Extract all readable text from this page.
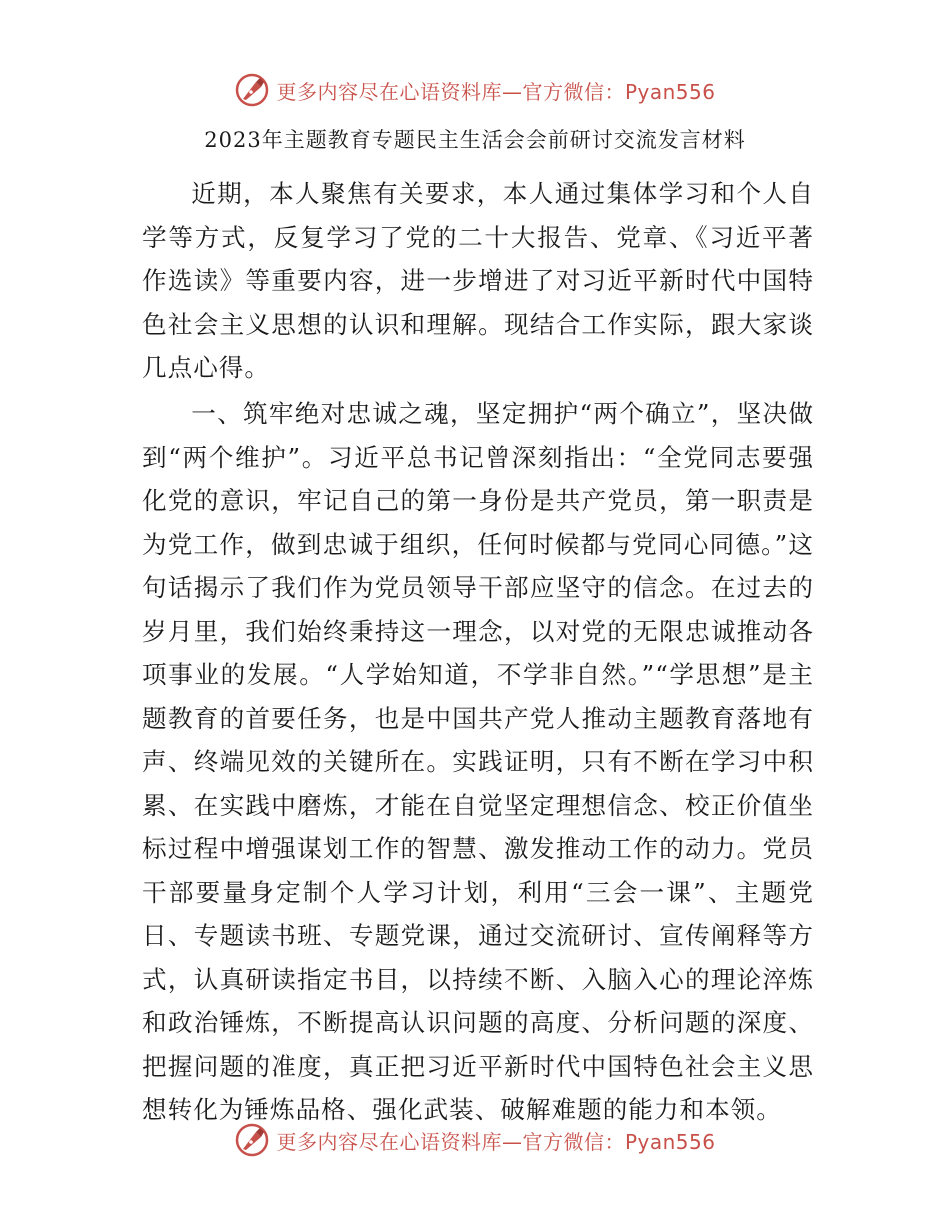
更多内容尽在心语资料库—官方微信：Pyan556
2023年主题教育专题民主生活会会前研讨交流发言材料

近期，本人聚焦有关要求，本人通过集体学习和个人自学等方式，反复学习了党的二十大报告、党章、《习近平著作选读》等重要内容，进一步增进了对习近平新时代中国特色社会主义思想的认识和理解。现结合工作实际，跟大家谈几点心得。

一、筑牢绝对忠诚之魂，坚定拥护“两个确立”，坚决做到“两个维护”。习近平总书记曾深刻指出：“全党同志要强化党的意识，牢记自己的第一身份是共产党员，第一职责是为党工作，做到忠诚于组织，任何时候都与党同心同德。”这句话揭示了我们作为党员领导干部应坚守的信念。在过去的岁月里，我们始终秉持这一理念，以对党的无限忠诚推动各项事业的发展。“人学始知道，不学非自然。”“学思想”是主题教育的首要任务，也是中国共产党人推动主题教育落地有声、终端见效的关键所在。实践证明，只有不断在学习中积累、在实践中磨炼，才能在自觉坚定理想信念、校正价值坐标过程中增强谋划工作的智慧、激发推动工作的动力。党员干部要量身定制个人学习计划，利用“三会一课”、主题党日、专题读书班、专题党课，通过交流研讨、宣传阐释等方式，认真研读指定书目，以持续不断、入脑入心的理论淬炼和政治锤炼，不断提高认识问题的高度、分析问题的深度、把握问题的准度，真正把习近平新时代中国特色社会主义思想转化为锤炼品格、强化武装、破解难题的能力和本领。

更多内容尽在心语资料库—官方微信：Pyan556
